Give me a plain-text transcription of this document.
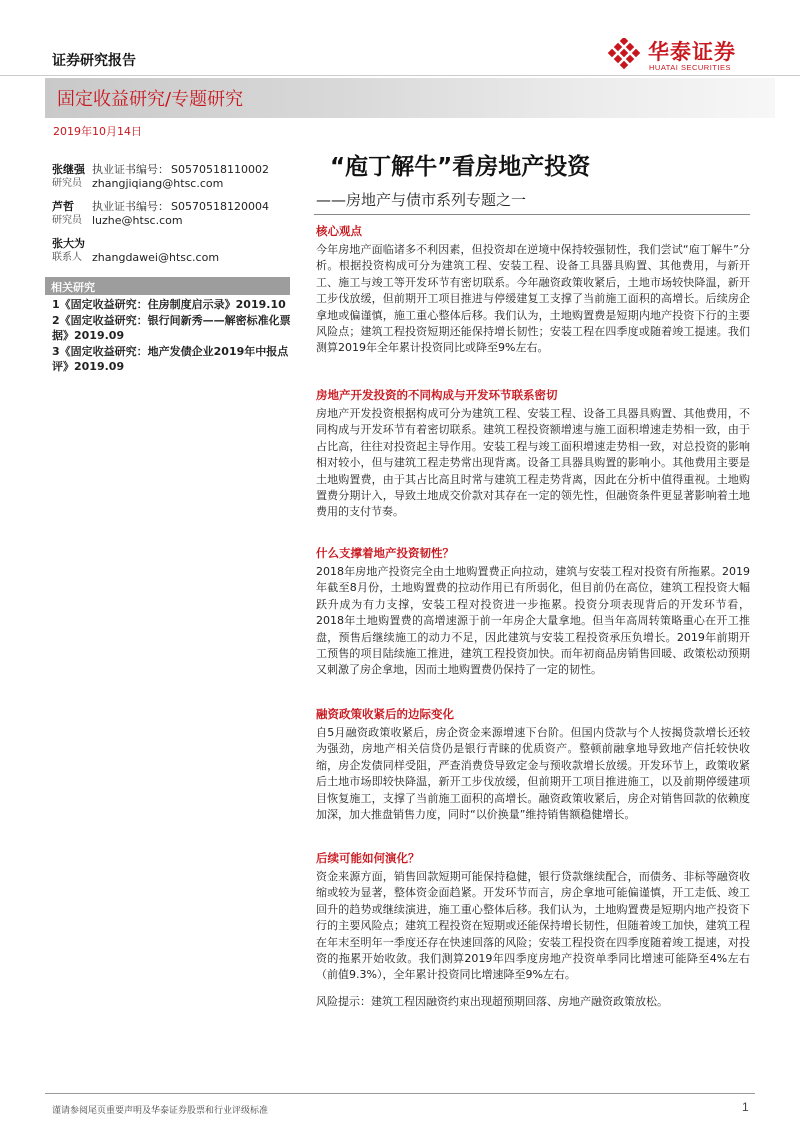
证券研究报告	华泰证券
HUATAI SECURITIES
固定收益研究/专题研究
2019年10月14日
张继强 执业证书编号： S0570518110002
研究员 zhangjiqiang@htsc.com
芦哲	执业证书编号： S0570518120004
研究员 luzhe@htsc.com
张大为
联系人 zhangdawei@htsc.com
相关研究
1《固定收益研究：住房制度启示录》2019.10
2《固定收益研究：银行间新秀——解密标准化票据》2019.09
3《固定收益研究：地产发债企业2019年中报点评》2019.09
“庖丁解牛”看房地产投资
——房地产与债市系列专题之一
核心观点
今年房地产面临诸多不利因素，但投资却在逆境中保持较强韧性，我们尝试“庖丁解牛”分析。根据投资构成可分为建筑工程、安装工程、设备工具器具购置、其他费用，与新开工、施工与竣工等开发环节有密切联系。今年融资政策收紧后，土地市场较快降温，新开工步伐放缓，但前期开工项目推进与停缓建复工支撑了当前施工面积的高增长。后续房企拿地或偏谨慎，施工重心整体后移。我们认为，土地购置费是短期内地产投资下行的主要风险点；建筑工程投资短期还能保持增长韧性；安装工程在四季度或随着竣工提速。我们测算2019年全年累计投资同比或降至9%左右。
房地产开发投资的不同构成与开发环节联系密切
房地产开发投资根据构成可分为建筑工程、安装工程、设备工具器具购置、其他费用，不同构成与开发环节有着密切联系。建筑工程投资额增速与施工面积增速走势相一致，由于占比高，往往对投资起主导作用。安装工程与竣工面积增速走势相一致，对总投资的影响相对较小，但与建筑工程走势常出现背离。设备工具器具购置的影响小。其他费用主要是土地购置费，由于其占比高且时常与建筑工程走势背离，因此在分析中值得重视。土地购置费分期计入，导致土地成交价款对其存在一定的领先性，但融资条件更显著影响着土地费用的支付节奏。
什么支撑着地产投资韧性？
2018年房地产投资完全由土地购置费正向拉动，建筑与安装工程对投资有所拖累。2019年截至8月份，土地购置费的拉动作用已有所弱化，但目前仍在高位，建筑工程投资大幅跃升成为有力支撑，安装工程对投资进一步拖累。投资分项表现背后的开发环节看，2018年土地购置费的高增速源于前一年房企大量拿地。但当年高周转策略重心在开工推盘，预售后继续施工的动力不足，因此建筑与安装工程投资承压负增长。2019年前期开工预售的项目陆续施工推进，建筑工程投资加快。而年初商品房销售回暖、政策松动预期又刺激了房企拿地，因而土地购置费仍保持了一定的韧性。
融资政策收紧后的边际变化
自5月融资政策收紧后，房企资金来源增速下台阶。但国内贷款与个人按揭贷款增长还较为强劲，房地产相关信贷仍是银行青睐的优质资产。整顿前融拿地导致地产信托较快收缩，房企发债同样受阻，严查消费贷导致定金与预收款增长放缓。开发环节上，政策收紧后土地市场即较快降温，新开工步伐放缓，但前期开工项目推进施工，以及前期停缓建项目恢复施工，支撑了当前施工面积的高增长。融资政策收紧后，房企对销售回款的依赖度加深，加大推盘销售力度，同时“以价换量”维持销售额稳健增长。
后续可能如何演化？
资金来源方面，销售回款短期可能保持稳健，银行贷款继续配合，而债务、非标等融资收缩或较为显著，整体资金面趋紧。开发环节而言，房企拿地可能偏谨慎，开工走低、竣工回升的趋势或继续演进，施工重心整体后移。我们认为，土地购置费是短期内地产投资下行的主要风险点；建筑工程投资在短期或还能保持增长韧性，但随着竣工加快，建筑工程在年末至明年一季度还存在快速回落的风险；安装工程投资在四季度随着竣工提速，对投资的拖累开始收敛。我们测算2019年四季度房地产投资单季同比增速可能降至4%左右（前值9.3%），全年累计投资同比增速降至9%左右。
风险提示：建筑工程因融资约束出现超预期回落、房地产融资政策放松。
谨请参阅尾页重要声明及华泰证券股票和行业评级标准	1
